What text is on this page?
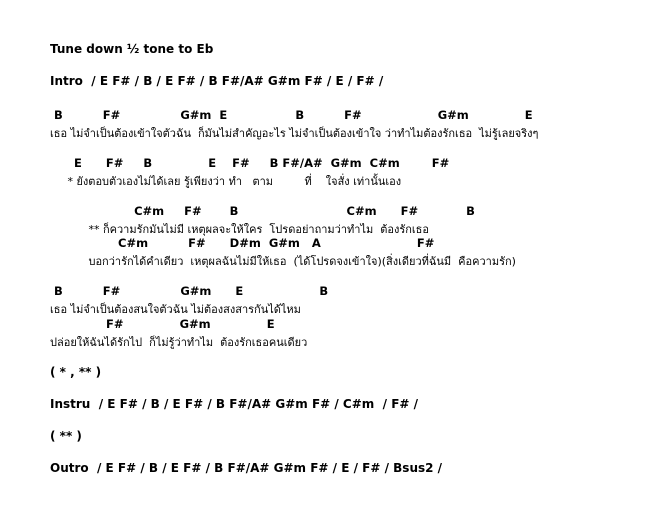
Tune down ½ tone to Eb
Intro  / E F# / B / E F# / B F#/A# G#m F# / E / F# /
B          F#               G#m  E                 B          F#                   G#m              E
เธอ ไม่จำเป็นต้องเข้าใจตัวฉัน  ก็มันไม่สำคัญอะไร ไม่จำเป็นต้องเข้าใจ ว่าทำไมต้องรักเธอ  ไม่รู้เลยจริงๆ
E      F#     B              E    F#     B F#/A#  G#m  C#m        F#
* ยังตอบตัวเองไม่ได้เลย รู้เพียงว่า ทำ   ตาม         ที่    ใจสั่ง เท่านั้นเอง
C#m     F#       B                           C#m      F#            B
** ก็ความรักมันไม่มี เหตุผลจะให้ใคร  โปรดอย่าถามว่าทำไม  ต้องรักเธอ
C#m          F#      D#m  G#m   A                        F#
บอกว่ารักได้คำเดียว  เหตุผลฉันไม่มีให้เธอ  (ได้โปรดจงเข้าใจ)(สิ่งเดียวที่ฉันมี  คือความรัก)
B          F#               G#m      E                   B
เธอ ไม่จำเป็นต้องสนใจตัวฉัน ไม่ต้องสงสารกันได้ไหม
F#              G#m              E
ปล่อยให้ฉันได้รักไป  ก็ไม่รู้ว่าทำไม  ต้องรักเธอคนเดียว
( * , ** )
Instru  / E F# / B / E F# / B F#/A# G#m F# / C#m  / F# /
( ** )
Outro  / E F# / B / E F# / B F#/A# G#m F# / E / F# / Bsus2 /
